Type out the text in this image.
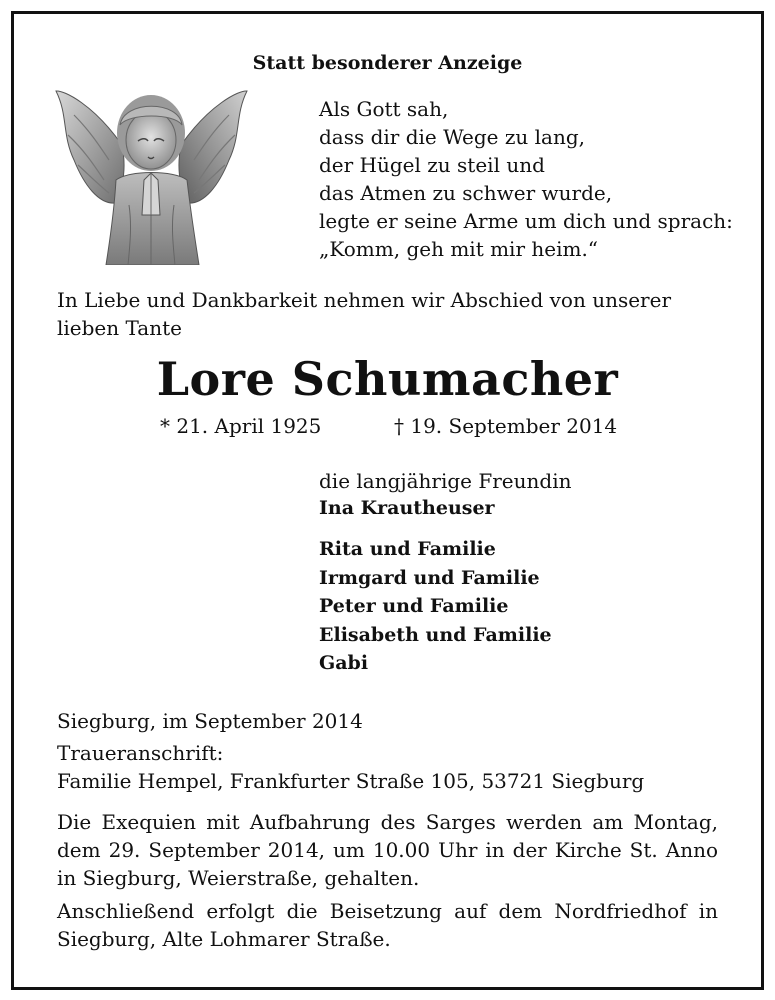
Statt besonderer Anzeige
Als Gott sah,
dass dir die Wege zu lang,
der Hügel zu steil und
das Atmen zu schwer wurde,
legte er seine Arme um dich und sprach:
„Komm, geh mit mir heim.“
In Liebe und Dankbarkeit nehmen wir Abschied von unserer lieben Tante
Lore Schumacher
* 21. April 1925	† 19. September 2014
die langjährige Freundin
Ina Krautheuser
Rita und Familie
Irmgard und Familie
Peter und Familie
Elisabeth und Familie
Gabi
Siegburg, im September 2014
Traueranschrift:
Familie Hempel, Frankfurter Straße 105, 53721 Siegburg
Die Exequien mit Aufbahrung des Sarges werden am Montag, dem 29. September 2014, um 10.00 Uhr in der Kirche St. Anno in Siegburg, Weierstraße, gehalten.
Anschließend erfolgt die Beisetzung auf dem Nordfriedhof in Siegburg, Alte Lohmarer Straße.
